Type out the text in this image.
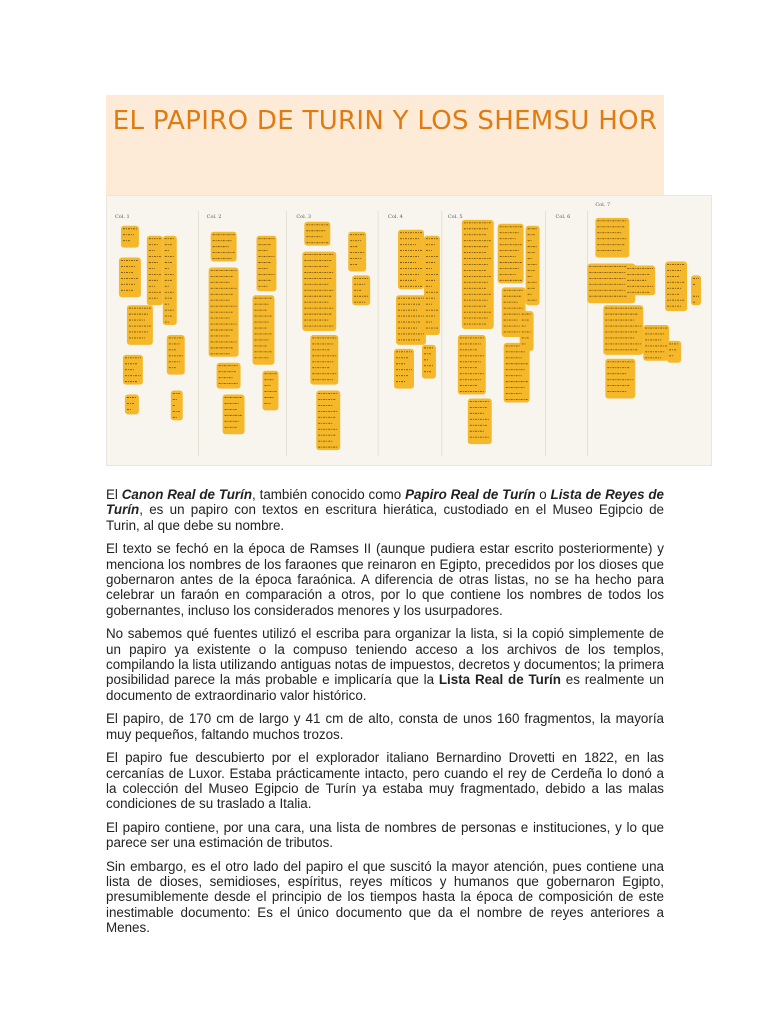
EL PAPIRO DE TURIN Y LOS SHEMSU HOR
Col. 1	Col. 2	Col. 3	Col. 4	Col. 5	Col. 6
Col. 7

El Canon Real de Turín, también conocido como Papiro Real de Turín o Lista de Reyes de Turín, es un papiro con textos en escritura hierática, custodiado en el Museo Egipcio de Turin, al que debe su nombre.

El texto se fechó en la época de Ramses II (aunque pudiera estar escrito posteriormente) y menciona los nombres de los faraones que reinaron en Egipto, precedidos por los dioses que gobernaron antes de la época faraónica. A diferencia de otras listas, no se ha hecho para celebrar un faraón en comparación a otros, por lo que contiene los nombres de todos los gobernantes, incluso los considerados menores y los usurpadores.

No sabemos qué fuentes utilizó el escriba para organizar la lista, si la copió simplemente de un papiro ya existente o la compuso teniendo acceso a los archivos de los templos, compilando la lista utilizando antiguas notas de impuestos, decretos y documentos; la primera posibilidad parece la más probable e implicaría que la Lista Real de Turín es realmente un documento de extraordinario valor histórico.

El papiro, de 170 cm de largo y 41 cm de alto, consta de unos 160 fragmentos, la mayoría muy pequeños, faltando muchos trozos.

El papiro fue descubierto por el explorador italiano Bernardino Drovetti en 1822, en las cercanías de Luxor. Estaba prácticamente intacto, pero cuando el rey de Cerdeña lo donó a la colección del Museo Egipcio de Turín ya estaba muy fragmentado, debido a las malas condiciones de su traslado a Italia.

El papiro contiene, por una cara, una lista de nombres de personas e instituciones, y lo que parece ser una estimación de tributos.

Sin embargo, es el otro lado del papiro el que suscitó la mayor atención, pues contiene una lista de dioses, semidioses, espíritus, reyes míticos y humanos que gobernaron Egipto, presumiblemente desde el principio de los tiempos hasta la época de composición de este inestimable documento: Es el único documento que da el nombre de reyes anteriores a Menes.
